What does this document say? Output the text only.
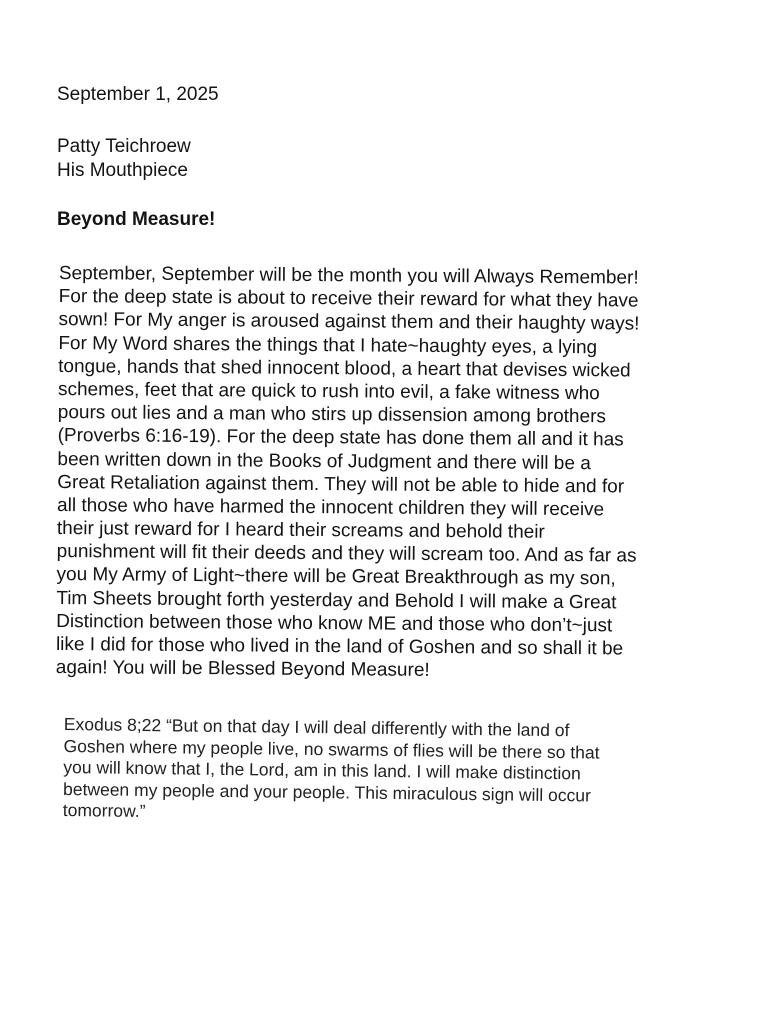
September 1, 2025

Patty Teichroew
His Mouthpiece
Beyond Measure!
September, September will be the month you will Always Remember!
For the deep state is about to receive their reward for what they have
sown! For My anger is aroused against them and their haughty ways!
For My Word shares the things that I hate~haughty eyes, a lying
tongue, hands that shed innocent blood, a heart that devises wicked
schemes, feet that are quick to rush into evil, a fake witness who
pours out lies and a man who stirs up dissension among brothers
(Proverbs 6:16-19). For the deep state has done them all and it has
been written down in the Books of Judgment and there will be a
Great Retaliation against them. They will not be able to hide and for
all those who have harmed the innocent children they will receive
their just reward for I heard their screams and behold their
punishment will fit their deeds and they will scream too. And as far as
you My Army of Light~there will be Great Breakthrough as my son,
Tim Sheets brought forth yesterday and Behold I will make a Great
Distinction between those who know ME and those who don’t~just
like I did for those who lived in the land of Goshen and so shall it be
again! You will be Blessed Beyond Measure!
Exodus 8;22 “But on that day I will deal differently with the land of
Goshen where my people live, no swarms of flies will be there so that
you will know that I, the Lord, am in this land. I will make distinction
between my people and your people. This miraculous sign will occur
tomorrow.”
